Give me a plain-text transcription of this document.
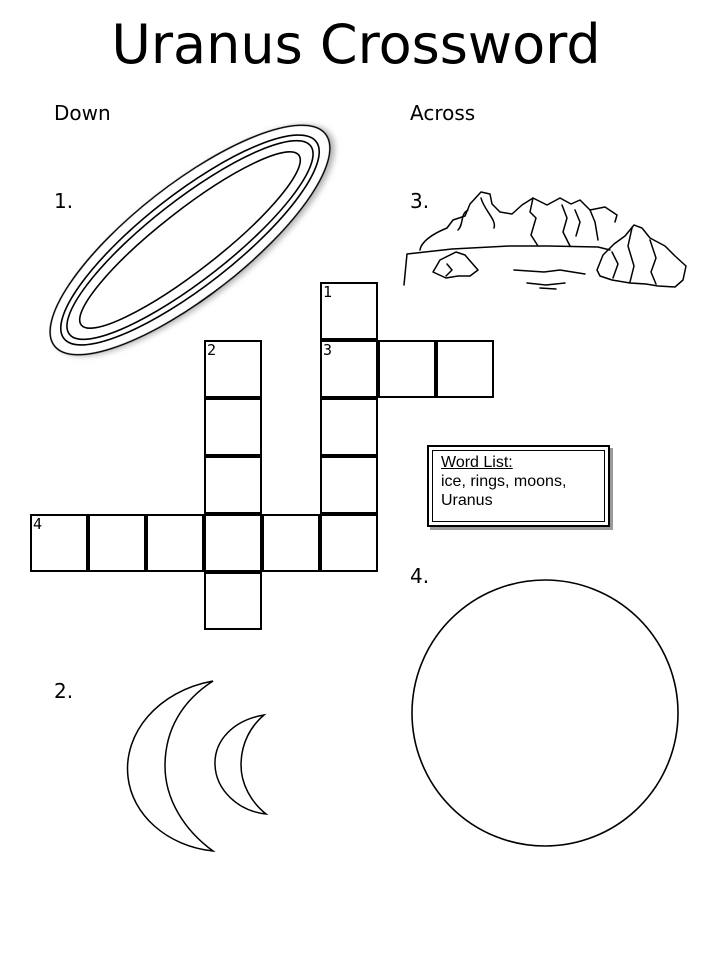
Uranus Crossword
Down	Across
1.	3.
4.
2.
1
3
2
4
Word List:
ice, rings, moons,
Uranus
